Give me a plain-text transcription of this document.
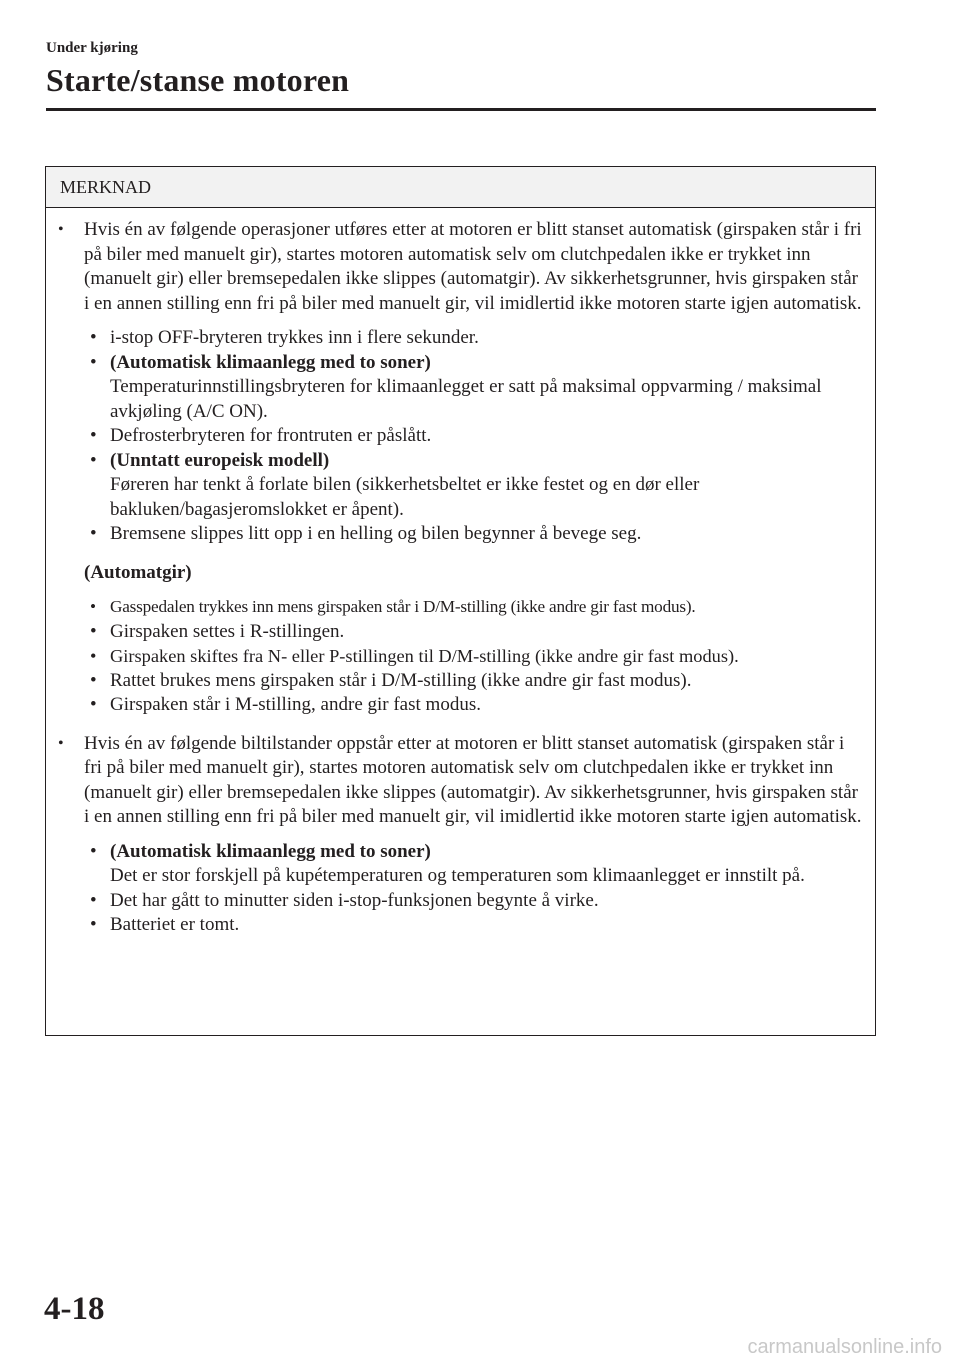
Under kjøring
Starte/stanse motoren
MERKNAD
• Hvis én av følgende operasjoner utføres etter at motoren er blitt stanset automatisk (girspaken står i fri på biler med manuelt gir), startes motoren automatisk selv om clutchpedalen ikke er trykket inn (manuelt gir) eller bremsepedalen ikke slippes (automatgir). Av sikkerhetsgrunner, hvis girspaken står i en annen stilling enn fri på biler med manuelt gir, vil imidlertid ikke motoren starte igjen automatisk.
• i-stop OFF-bryteren trykkes inn i flere sekunder.
• (Automatisk klimaanlegg med to soner)
Temperaturinnstillingsbryteren for klimaanlegget er satt på maksimal oppvarming / maksimal avkjøling (A/C ON).
• Defrosterbryteren for frontruten er påslått.
• (Unntatt europeisk modell)
Føreren har tenkt å forlate bilen (sikkerhetsbeltet er ikke festet og en dør eller bakluken/bagasjeromslokket er åpent).
• Bremsene slippes litt opp i en helling og bilen begynner å bevege seg.
(Automatgir)
• Gasspedalen trykkes inn mens girspaken står i D/M-stilling (ikke andre gir fast modus).
• Girspaken settes i R-stillingen.
• Girspaken skiftes fra N- eller P-stillingen til D/M-stilling (ikke andre gir fast modus).
• Rattet brukes mens girspaken står i D/M-stilling (ikke andre gir fast modus).
• Girspaken står i M-stilling, andre gir fast modus.
• Hvis én av følgende biltilstander oppstår etter at motoren er blitt stanset automatisk (girspaken står i fri på biler med manuelt gir), startes motoren automatisk selv om clutchpedalen ikke er trykket inn (manuelt gir) eller bremsepedalen ikke slippes (automatgir). Av sikkerhetsgrunner, hvis girspaken står i en annen stilling enn fri på biler med manuelt gir, vil imidlertid ikke motoren starte igjen automatisk.
• (Automatisk klimaanlegg med to soner)
Det er stor forskjell på kupétemperaturen og temperaturen som klimaanlegget er innstilt på.
• Det har gått to minutter siden i-stop-funksjonen begynte å virke.
• Batteriet er tomt.
4-18
carmanualsonline.info
